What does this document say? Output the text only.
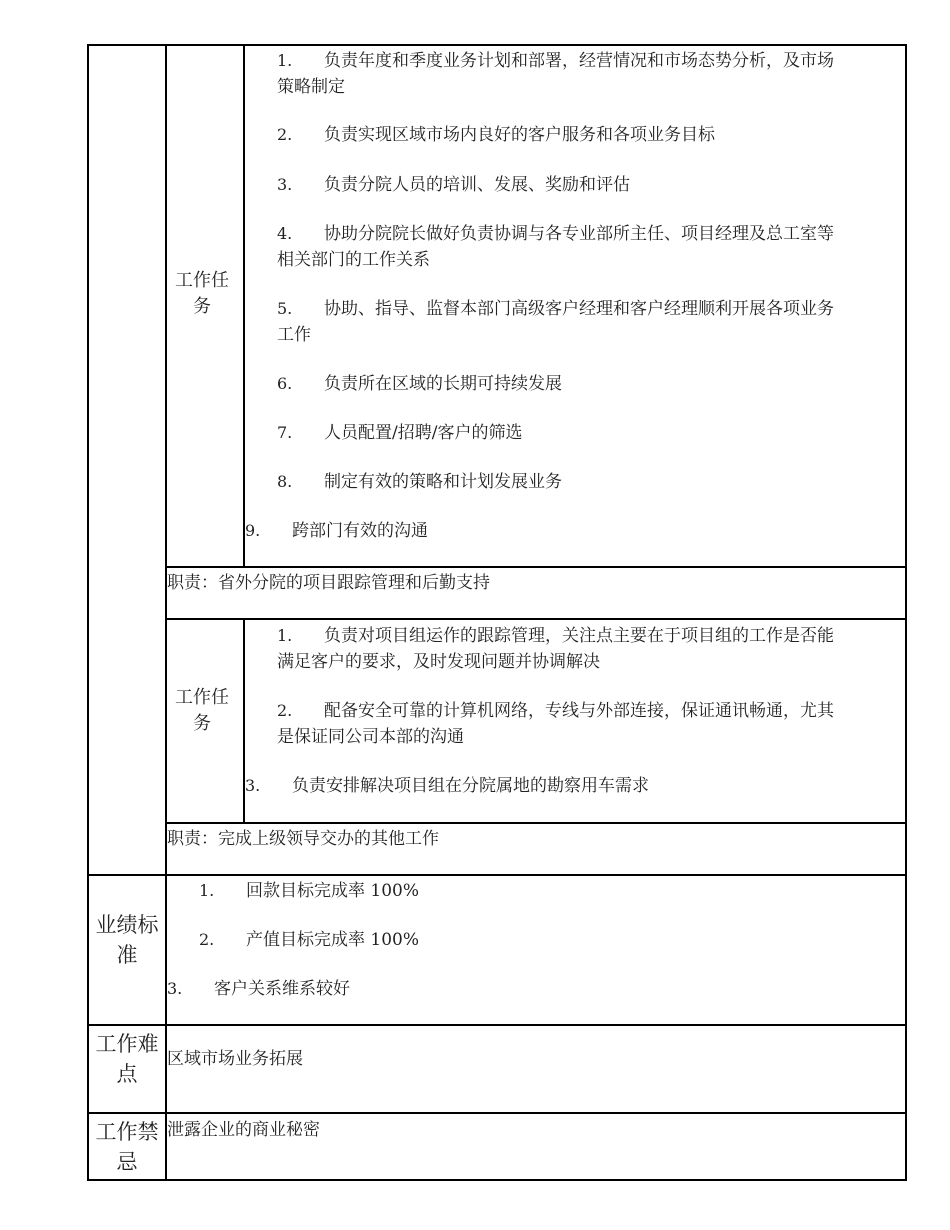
工作任务
1. 负责年度和季度业务计划和部署，经营情况和市场态势分析，及市场
策略制定
2. 负责实现区域市场内良好的客户服务和各项业务目标
3. 负责分院人员的培训、发展、奖励和评估
4. 协助分院院长做好负责协调与各专业部所主任、项目经理及总工室等
相关部门的工作关系
5. 协助、指导、监督本部门高级客户经理和客户经理顺利开展各项业务
工作
6. 负责所在区域的长期可持续发展
7. 人员配置/招聘/客户的筛选
8. 制定有效的策略和计划发展业务
9. 跨部门有效的沟通
职责：省外分院的项目跟踪管理和后勤支持
工作任务
1. 负责对项目组运作的跟踪管理，关注点主要在于项目组的工作是否能
满足客户的要求，及时发现问题并协调解决
2. 配备安全可靠的计算机网络，专线与外部连接，保证通讯畅通，尤其
是保证同公司本部的沟通
3. 负责安排解决项目组在分院属地的勘察用车需求
职责：完成上级领导交办的其他工作
业绩标准
1. 回款目标完成率 100%
2. 产值目标完成率 100%
3. 客户关系维系较好
工作难点
区域市场业务拓展
工作禁忌
泄露企业的商业秘密
